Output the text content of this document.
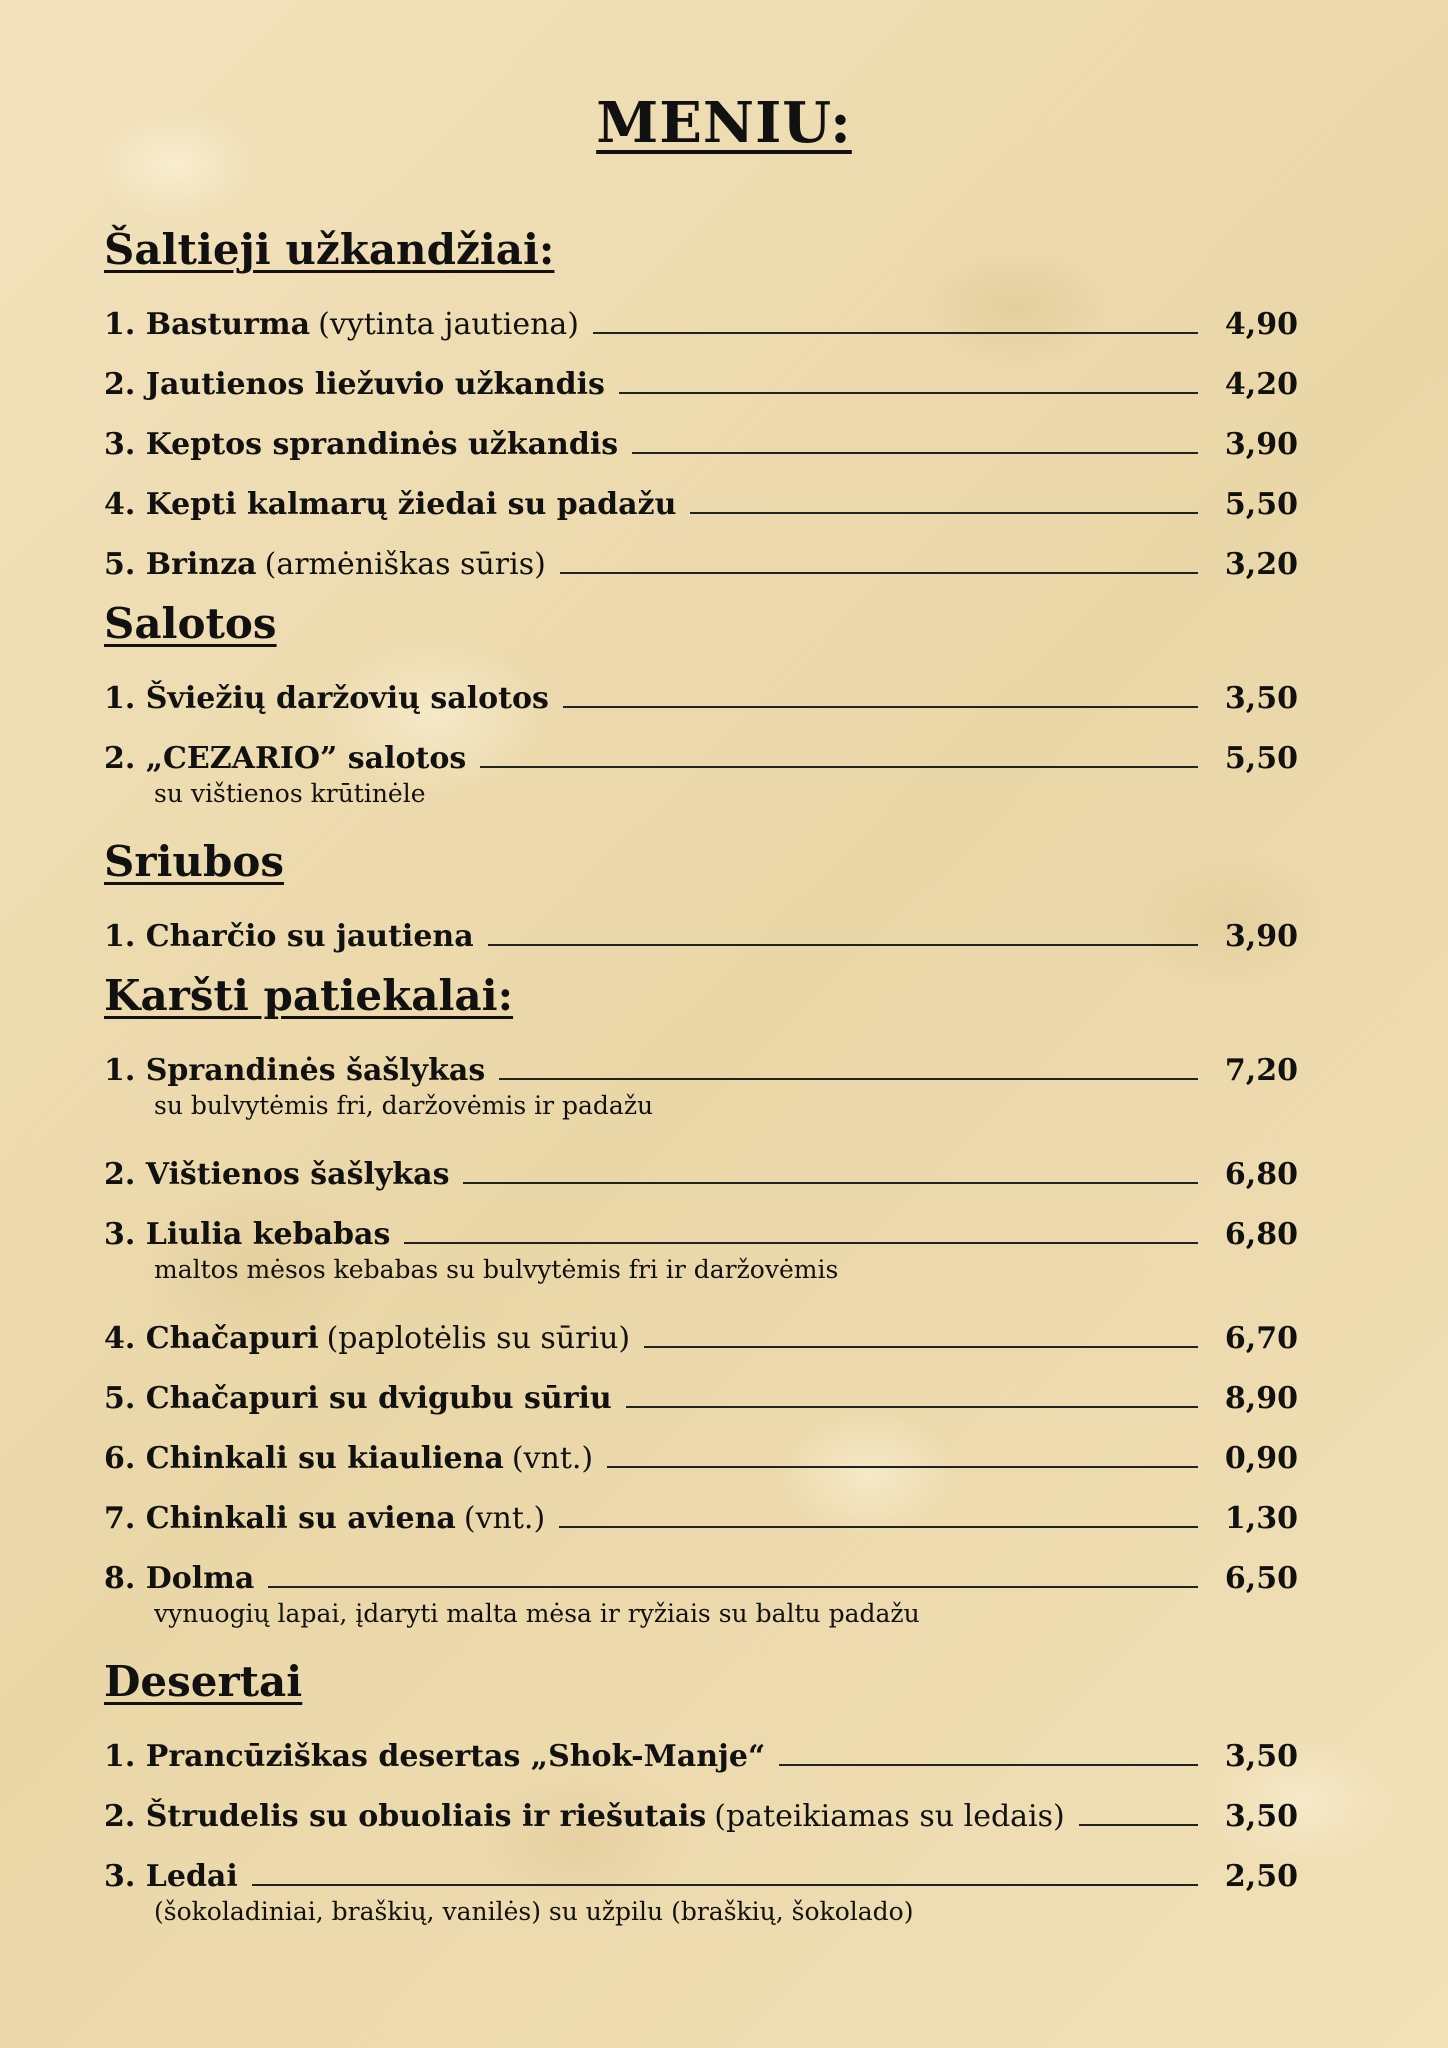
MENIU:
Šaltieji užkandžiai:
1. Basturma (vytinta jautiena)	4,90
2. Jautienos liežuvio užkandis	4,20
3. Keptos sprandinės užkandis	3,90
4. Kepti kalmarų žiedai su padažu	5,50
5. Brinza (armėniškas sūris)	3,20
Salotos
1. Šviežių daržovių salotos	3,50
2. „CEZARIO” salotos	5,50
su vištienos krūtinėle
Sriubos
1. Charčio su jautiena	3,90
Karšti patiekalai:
1. Sprandinės šašlykas	7,20
su bulvytėmis fri, daržovėmis ir padažu
2. Vištienos šašlykas	6,80
3. Liulia kebabas	6,80
maltos mėsos kebabas su bulvytėmis fri ir daržovėmis
4. Chačapuri (paplotėlis su sūriu)	6,70
5. Chačapuri su dvigubu sūriu	8,90
6. Chinkali su kiauliena (vnt.)	0,90
7. Chinkali su aviena (vnt.)	1,30
8. Dolma	6,50
vynuogių lapai, įdaryti malta mėsa ir ryžiais su baltu padažu
Desertai
1. Prancūziškas desertas „Shok-Manje“	3,50
2. Štrudelis su obuoliais ir riešutais (pateikiamas su ledais)	3,50
3. Ledai	2,50
(šokoladiniai, braškių, vanilės) su užpilu (braškių, šokolado)
